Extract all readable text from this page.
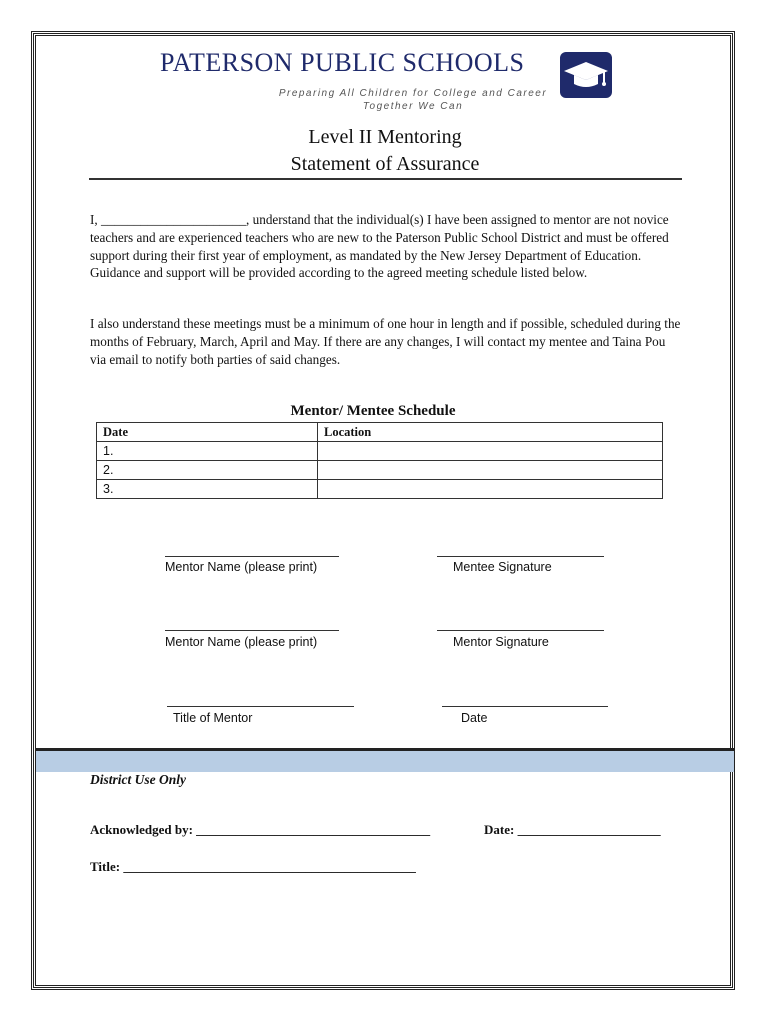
PATERSON PUBLIC SCHOOLS
Preparing All Children for College and Career
Together We Can
Level II Mentoring
Statement of Assurance
I, ______________________, understand that the individual(s) I have been assigned to mentor are not novice teachers and are experienced teachers who are new to the Paterson Public School District and must be offered support during their first year of employment, as mandated by the New Jersey Department of Education. Guidance and support will be provided according to the agreed meeting schedule listed below.
I also understand these meetings must be a minimum of one hour in length and if possible, scheduled during the months of February, March, April and May. If there are any changes, I will contact my mentee and Taina Pou via email to notify both parties of said changes.
Mentor/ Mentee Schedule
Date	Location
1.	
2.	
3.	
Mentor Name (please print)	Mentee Signature
Mentor Name (please print)	Mentor Signature
Title of Mentor	Date
District Use Only
Acknowledged by: ____________________________________	Date: ______________________
Title: _____________________________________________
